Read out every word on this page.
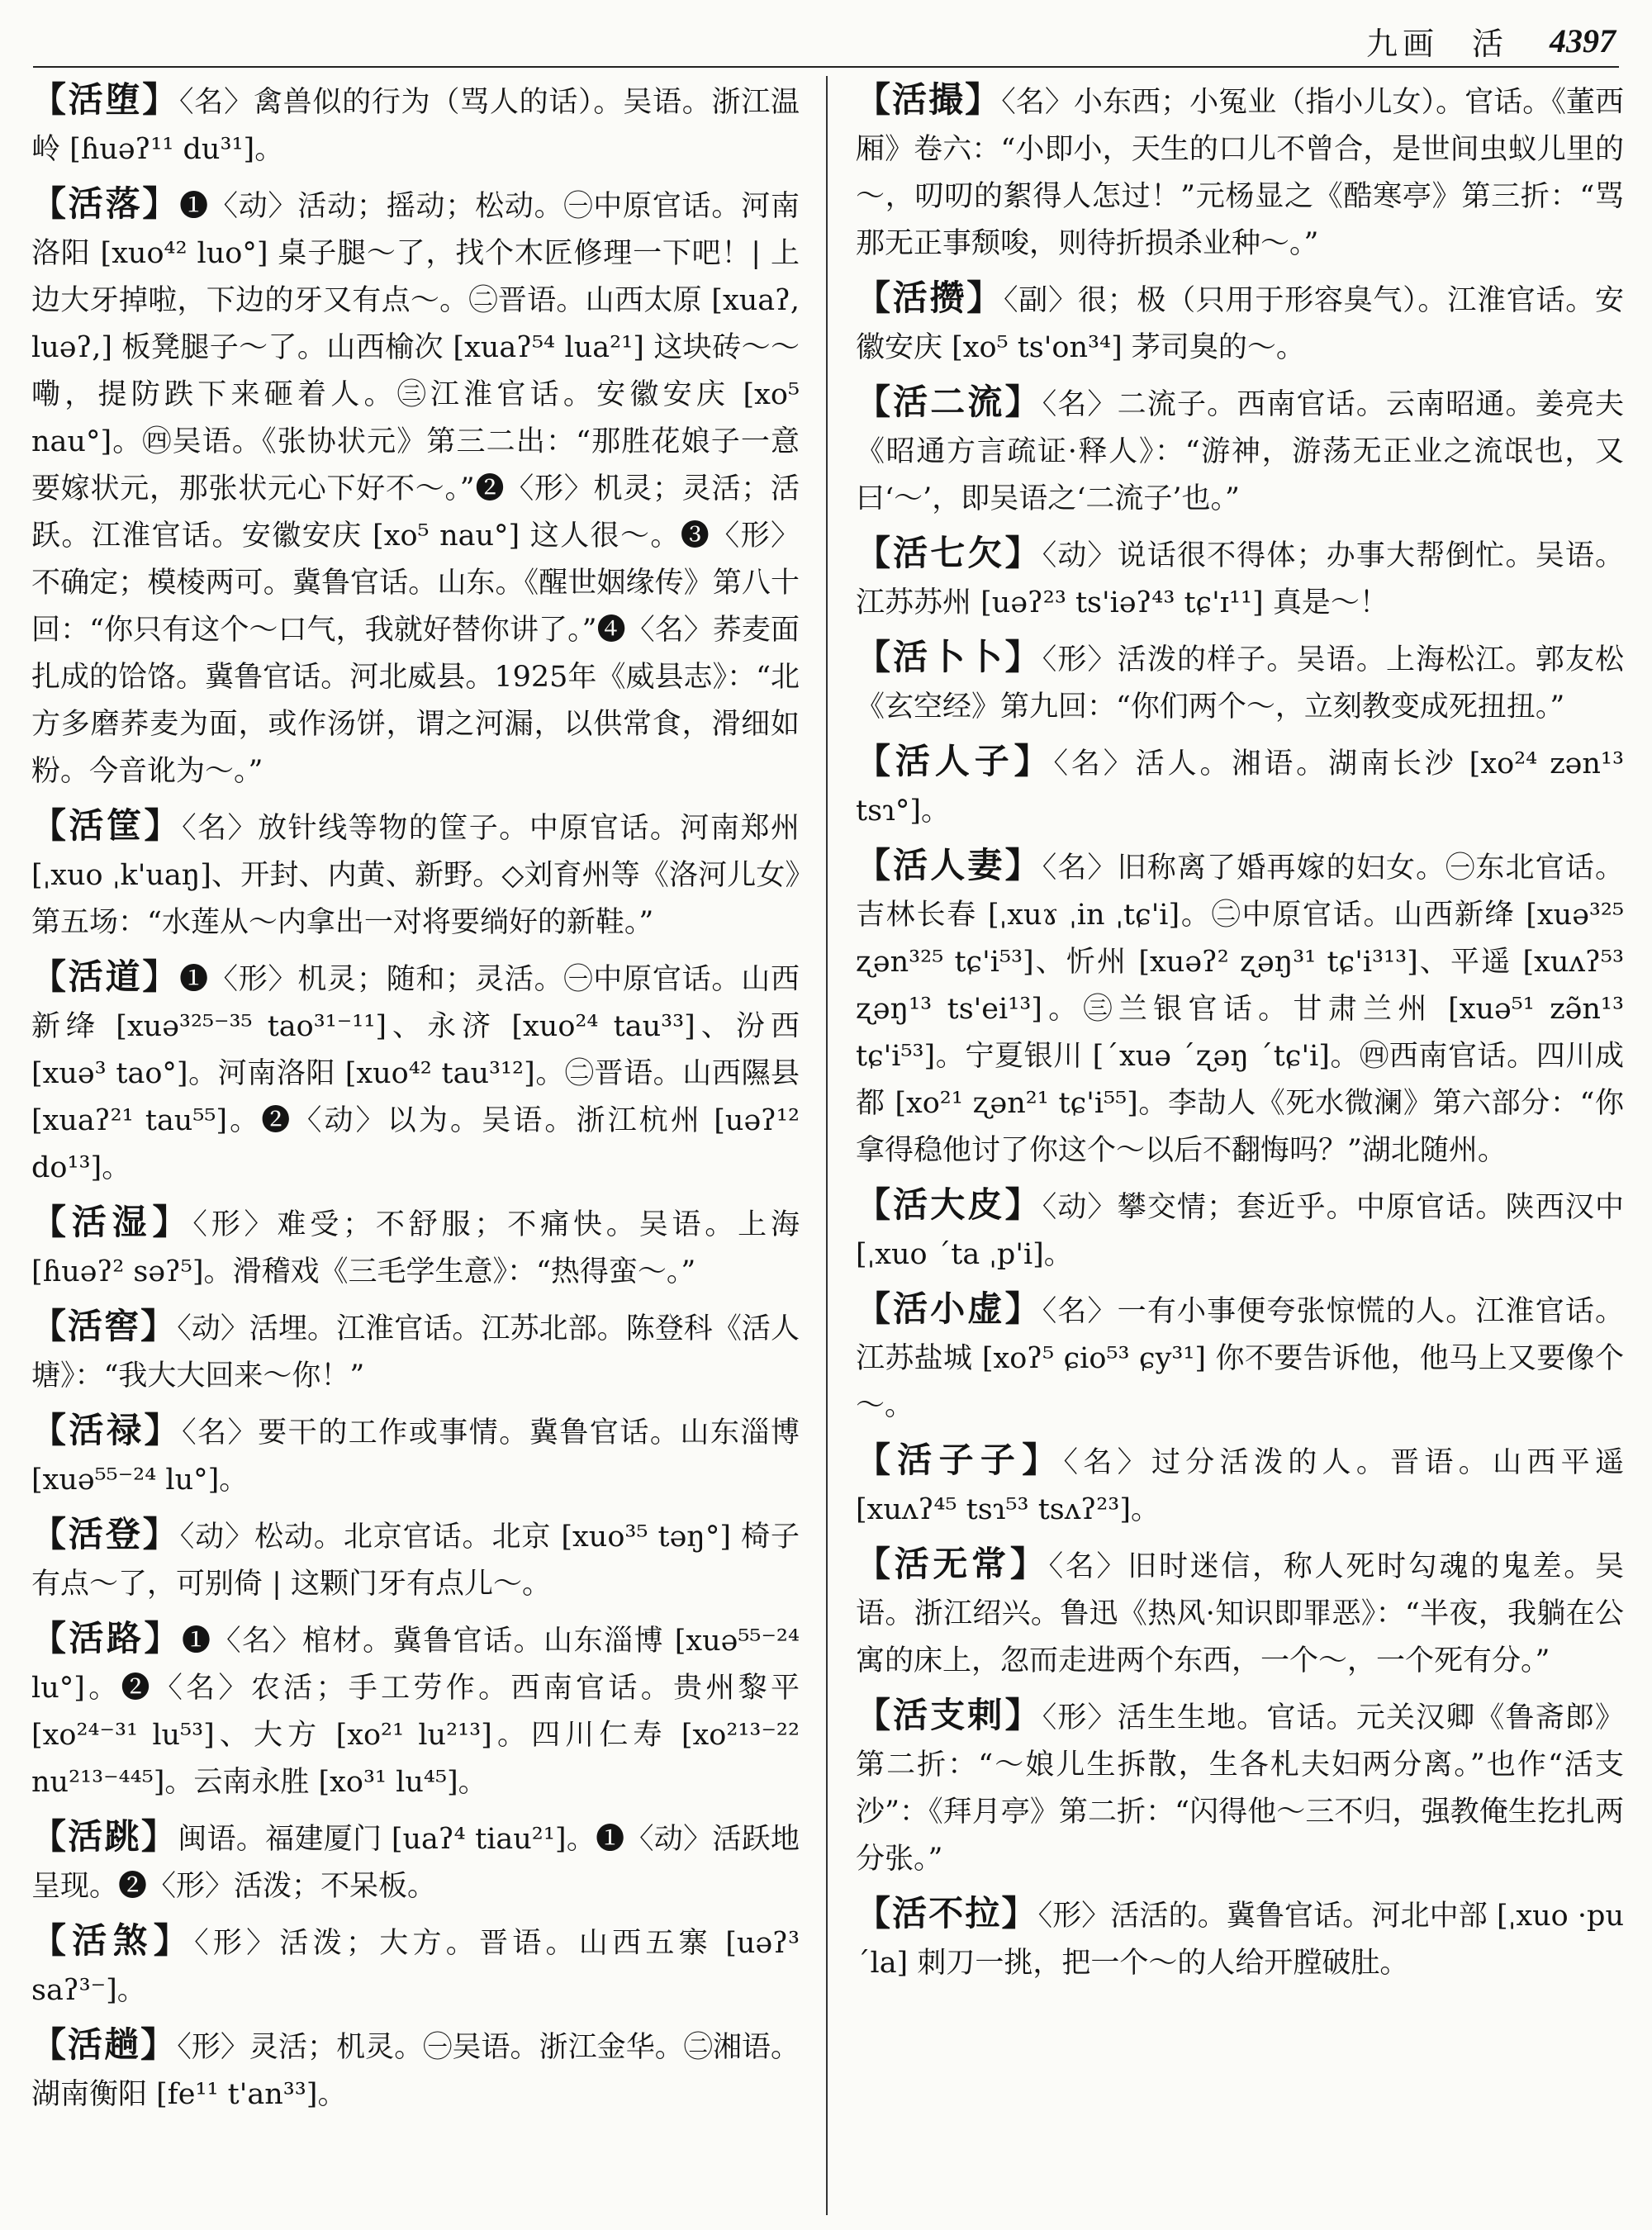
九画 活 4397

【活堕】〈名〉禽兽似的行为（骂人的话）。吴语。浙江温岭 [ɦuəʔ¹¹ du³¹]。

【活落】❶〈动〉活动；摇动；松动。㊀中原官话。河南洛阳 [xuo⁴² luo°] 桌子腿～了，找个木匠修理一下吧！| 上边大牙掉啦，下边的牙又有点～。㊁晋语。山西太原 [xuaʔ, luəʔ,] 板凳腿子～了。山西榆次 [xuaʔ⁵⁴ lua²¹] 这块砖～～嘞，提防跌下来砸着人。㊂江淮官话。安徽安庆 [xo⁵ nau°]。㊃吴语。《张协状元》第三二出：“那胜花娘子一意要嫁状元，那张状元心下好不～。”❷〈形〉机灵；灵活；活跃。江淮官话。安徽安庆 [xo⁵ nau°] 这人很～。❸〈形〉不确定；模棱两可。冀鲁官话。山东。《醒世姻缘传》第八十回：“你只有这个～口气，我就好替你讲了。”❹〈名〉荞麦面扎成的饸饹。冀鲁官话。河北威县。1925年《威县志》：“北方多磨荞麦为面，或作汤饼，谓之河漏，以供常食，滑细如粉。今音讹为～。”

【活筐】〈名〉放针线等物的筐子。中原官话。河南郑州 [ˌxuo ˌk'uaŋ]、开封、内黄、新野。◇刘育州等《洛河儿女》第五场：“水莲从～内拿出一对将要绱好的新鞋。”

【活道】❶〈形〉机灵；随和；灵活。㊀中原官话。山西新绛 [xuə³²⁵⁻³⁵ tao³¹⁻¹¹]、永济 [xuo²⁴ tau³³]、汾西 [xuə³ tao°]。河南洛阳 [xuo⁴² tau³¹²]。㊁晋语。山西隰县 [xuaʔ²¹ tau⁵⁵]。❷〈动〉以为。吴语。浙江杭州 [uəʔ¹² do¹³]。

【活湿】〈形〉难受；不舒服；不痛快。吴语。上海 [ɦuəʔ² səʔ⁵]。滑稽戏《三毛学生意》：“热得蛮～。”

【活窖】〈动〉活埋。江淮官话。江苏北部。陈登科《活人塘》：“我大大回来～你！”

【活禄】〈名〉要干的工作或事情。冀鲁官话。山东淄博 [xuə⁵⁵⁻²⁴ lu°]。

【活登】〈动〉松动。北京官话。北京 [xuo³⁵ təŋ°] 椅子有点～了，可别倚 | 这颗门牙有点儿～。

【活路】❶〈名〉棺材。冀鲁官话。山东淄博 [xuə⁵⁵⁻²⁴ lu°]。❷〈名〉农活；手工劳作。西南官话。贵州黎平 [xo²⁴⁻³¹ lu⁵³]、大方 [xo²¹ lu²¹³]。四川仁寿 [xo²¹³⁻²² nu²¹³⁻⁴⁴⁵]。云南永胜 [xo³¹ lu⁴⁵]。

【活跳】闽语。福建厦门 [uaʔ⁴ tiau²¹]。❶〈动〉活跃地呈现。❷〈形〉活泼；不呆板。

【活煞】〈形〉活泼；大方。晋语。山西五寨 [uəʔ³ saʔ³⁻]。

【活趟】〈形〉灵活；机灵。㊀吴语。浙江金华。㊁湘语。湖南衡阳 [fe¹¹ t'an³³]。

【活撮】〈名〉小东西；小冤业（指小儿女）。官话。《董西厢》卷六：“小即小，天生的口儿不曾合，是世间虫蚁儿里的～，叨叨的絮得人怎过！”元杨显之《酷寒亭》第三折：“骂那无正事颓唆，则待折损杀业种～。”

【活攒】〈副〉很；极（只用于形容臭气）。江淮官话。安徽安庆 [xo⁵ ts'on³⁴] 茅司臭的～。

【活二流】〈名〉二流子。西南官话。云南昭通。姜亮夫《昭通方言疏证·释人》：“游神，游荡无正业之流氓也，又曰‘～’，即吴语之‘二流子’也。”

【活七欠】〈动〉说话很不得体；办事大帮倒忙。吴语。江苏苏州 [uəʔ²³ ts'iəʔ⁴³ tɕ'ɪ¹¹] 真是～！

【活卜卜】〈形〉活泼的样子。吴语。上海松江。郭友松《玄空经》第九回：“你们两个～，立刻教变成死扭扭。”

【活人子】〈名〉活人。湘语。湖南长沙 [xo²⁴ zən¹³ tsɿ°]。

【活人妻】〈名〉旧称离了婚再嫁的妇女。㊀东北官话。吉林长春 [ˌxuɤ ˌin ˌtɕ'i]。㊁中原官话。山西新绛 [xuə³²⁵ ʐən³²⁵ tɕ'i⁵³]、忻州 [xuəʔ² ʐəŋ³¹ tɕ'i³¹³]、平遥 [xuʌʔ⁵³ ʐəŋ¹³ ts'ei¹³]。㊂兰银官话。甘肃兰州 [xuə⁵¹ zə̃n¹³ tɕ'i⁵³]。宁夏银川 [ˊxuə ˊʐəŋ ˊtɕ'i]。㊃西南官话。四川成都 [xo²¹ ʐən²¹ tɕ'i⁵⁵]。李劼人《死水微澜》第六部分：“你拿得稳他讨了你这个～以后不翻悔吗？”湖北随州。

【活大皮】〈动〉攀交情；套近乎。中原官话。陕西汉中 [ˌxuo ˊta ˌp'i]。

【活小虚】〈名〉一有小事便夸张惊慌的人。江淮官话。江苏盐城 [xoʔ⁵ ɕio⁵³ ɕy³¹] 你不要告诉他，他马上又要像个～。

【活子子】〈名〉过分活泼的人。晋语。山西平遥 [xuʌʔ⁴⁵ tsɿ⁵³ tsʌʔ²³]。

【活无常】〈名〉旧时迷信，称人死时勾魂的鬼差。吴语。浙江绍兴。鲁迅《热风·知识即罪恶》：“半夜，我躺在公寓的床上，忽而走进两个东西，一个～，一个死有分。”

【活支剌】〈形〉活生生地。官话。元关汉卿《鲁斋郎》第二折：“～娘儿生拆散，生各札夫妇两分离。”也作“活支沙”：《拜月亭》第二折：“闪得他～三不归，强教俺生扢扎两分张。”

【活不拉】〈形〉活活的。冀鲁官话。河北中部 [ˌxuo ·pu ˊla] 刺刀一挑，把一个～的人给开膛破肚。
